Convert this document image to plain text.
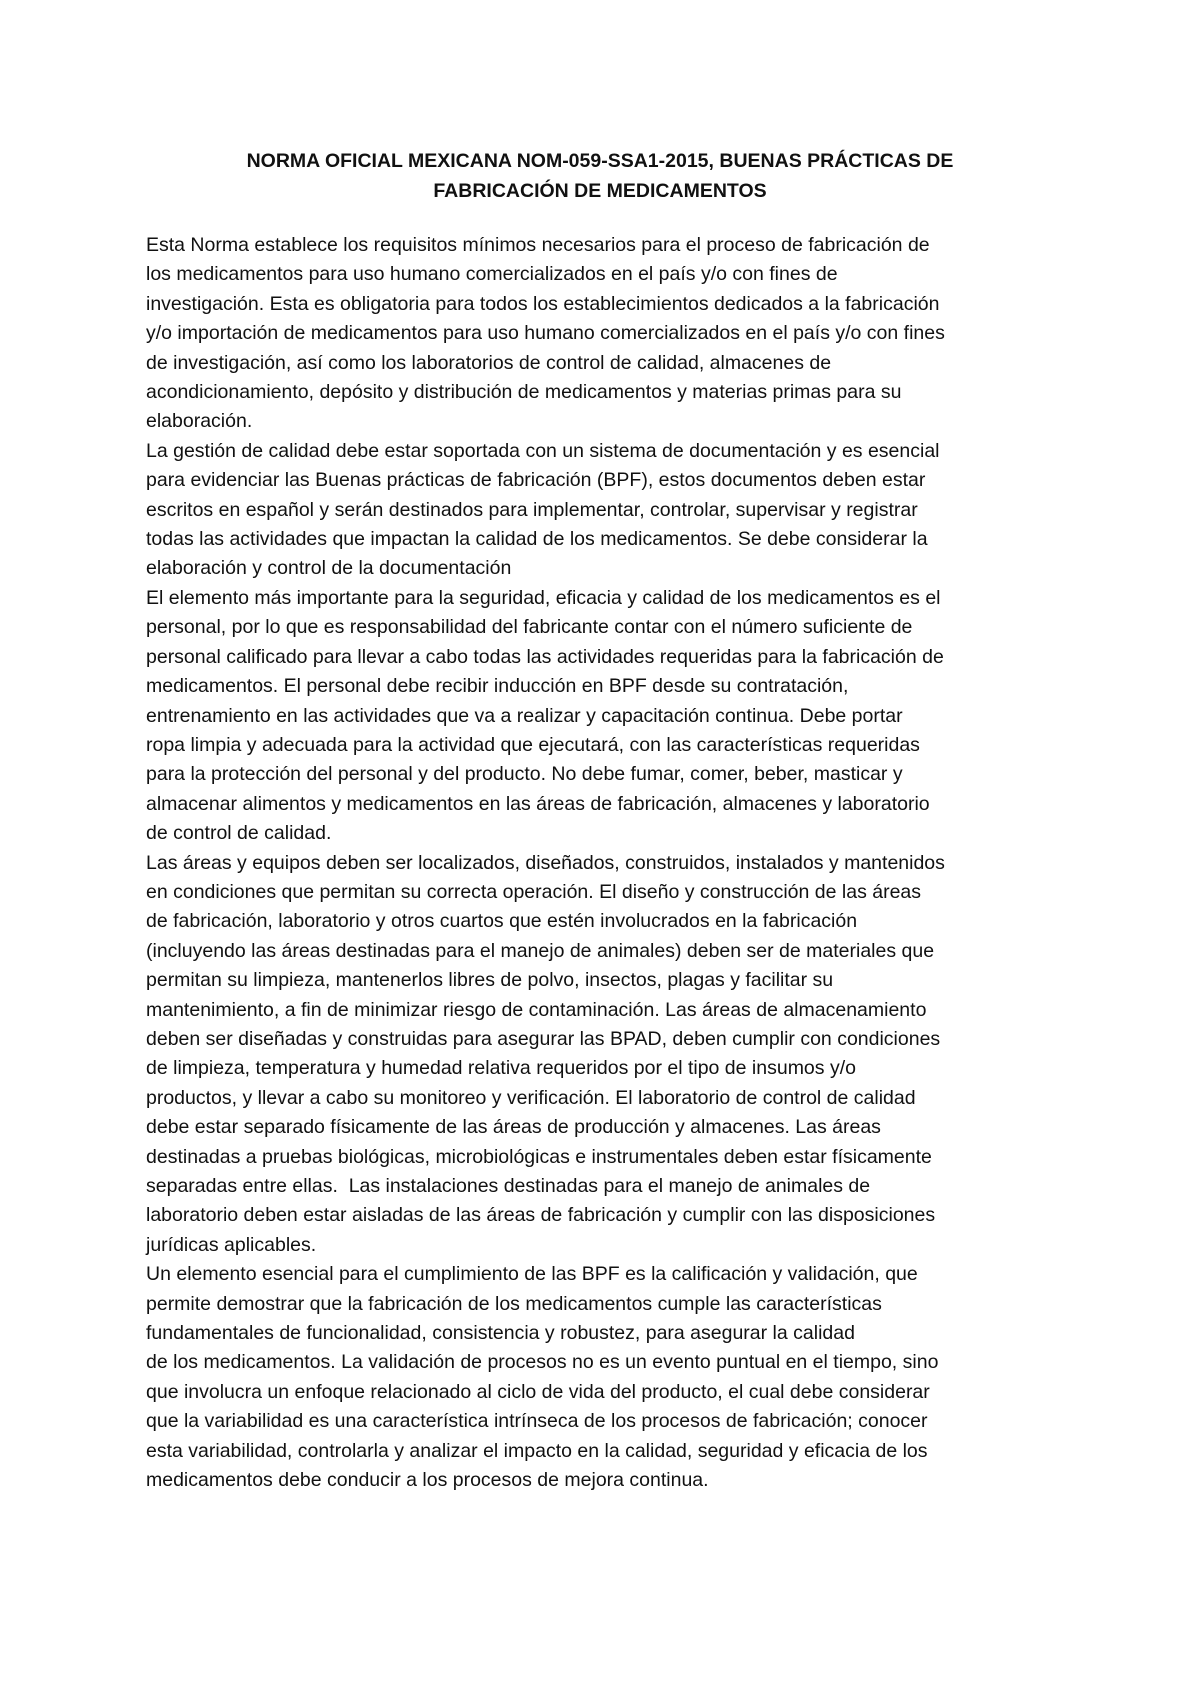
NORMA OFICIAL MEXICANA NOM-059-SSA1-2015, BUENAS PRÁCTICAS DE
FABRICACIÓN DE MEDICAMENTOS

Esta Norma establece los requisitos mínimos necesarios para el proceso de fabricación de
los medicamentos para uso humano comercializados en el país y/o con fines de
investigación. Esta es obligatoria para todos los establecimientos dedicados a la fabricación
y/o importación de medicamentos para uso humano comercializados en el país y/o con fines
de investigación, así como los laboratorios de control de calidad, almacenes de
acondicionamiento, depósito y distribución de medicamentos y materias primas para su
elaboración.

La gestión de calidad debe estar soportada con un sistema de documentación y es esencial
para evidenciar las Buenas prácticas de fabricación (BPF), estos documentos deben estar
escritos en español y serán destinados para implementar, controlar, supervisar y registrar
todas las actividades que impactan la calidad de los medicamentos. Se debe considerar la
elaboración y control de la documentación

El elemento más importante para la seguridad, eficacia y calidad de los medicamentos es el
personal, por lo que es responsabilidad del fabricante contar con el número suficiente de
personal calificado para llevar a cabo todas las actividades requeridas para la fabricación de
medicamentos. El personal debe recibir inducción en BPF desde su contratación,
entrenamiento en las actividades que va a realizar y capacitación continua. Debe portar
ropa limpia y adecuada para la actividad que ejecutará, con las características requeridas
para la protección del personal y del producto. No debe fumar, comer, beber, masticar y
almacenar alimentos y medicamentos en las áreas de fabricación, almacenes y laboratorio
de control de calidad.

Las áreas y equipos deben ser localizados, diseñados, construidos, instalados y mantenidos
en condiciones que permitan su correcta operación. El diseño y construcción de las áreas
de fabricación, laboratorio y otros cuartos que estén involucrados en la fabricación
(incluyendo las áreas destinadas para el manejo de animales) deben ser de materiales que
permitan su limpieza, mantenerlos libres de polvo, insectos, plagas y facilitar su
mantenimiento, a fin de minimizar riesgo de contaminación. Las áreas de almacenamiento
deben ser diseñadas y construidas para asegurar las BPAD, deben cumplir con condiciones
de limpieza, temperatura y humedad relativa requeridos por el tipo de insumos y/o
productos, y llevar a cabo su monitoreo y verificación. El laboratorio de control de calidad
debe estar separado físicamente de las áreas de producción y almacenes. Las áreas
destinadas a pruebas biológicas, microbiológicas e instrumentales deben estar físicamente
separadas entre ellas.  Las instalaciones destinadas para el manejo de animales de
laboratorio deben estar aisladas de las áreas de fabricación y cumplir con las disposiciones
jurídicas aplicables.

Un elemento esencial para el cumplimiento de las BPF es la calificación y validación, que
permite demostrar que la fabricación de los medicamentos cumple las características
fundamentales de funcionalidad, consistencia y robustez, para asegurar la calidad
de los medicamentos. La validación de procesos no es un evento puntual en el tiempo, sino
que involucra un enfoque relacionado al ciclo de vida del producto, el cual debe considerar
que la variabilidad es una característica intrínseca de los procesos de fabricación; conocer
esta variabilidad, controlarla y analizar el impacto en la calidad, seguridad y eficacia de los
medicamentos debe conducir a los procesos de mejora continua.
